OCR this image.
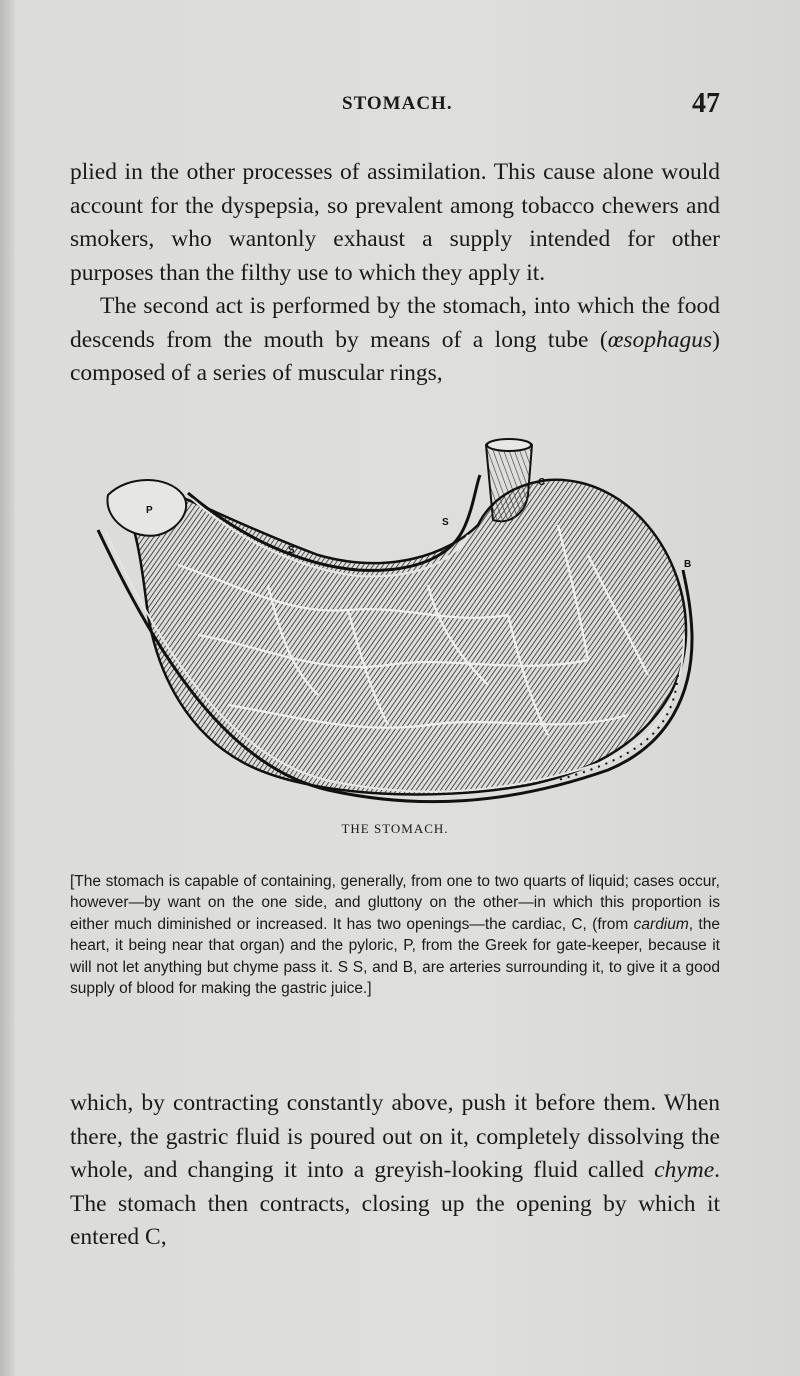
STOMACH.	47

plied in the other processes of assimilation. This cause alone would account for the dyspepsia, so prevalent among tobacco chewers and smokers, who wantonly exhaust a supply intended for other purposes than the filthy use to which they apply it.

The second act is performed by the stomach, into which the food descends from the mouth by means of a long tube (œsophagus) composed of a series of muscular rings,

P
S
S
C
B
THE STOMACH.

[The stomach is capable of containing, generally, from one to two quarts of liquid; cases occur, however—by want on the one side, and gluttony on the other—in which this proportion is either much diminished or increased. It has two openings—the cardiac, C, (from cardium, the heart, it being near that organ) and the pyloric, P, from the Greek for gate-keeper, because it will not let anything but chyme pass it. S S, and B, are arteries surrounding it, to give it a good supply of blood for making the gastric juice.]

which, by contracting constantly above, push it before them. When there, the gastric fluid is poured out on it, completely dissolving the whole, and changing it into a greyish-looking fluid called chyme. The stomach then contracts, closing up the opening by which it entered C,
